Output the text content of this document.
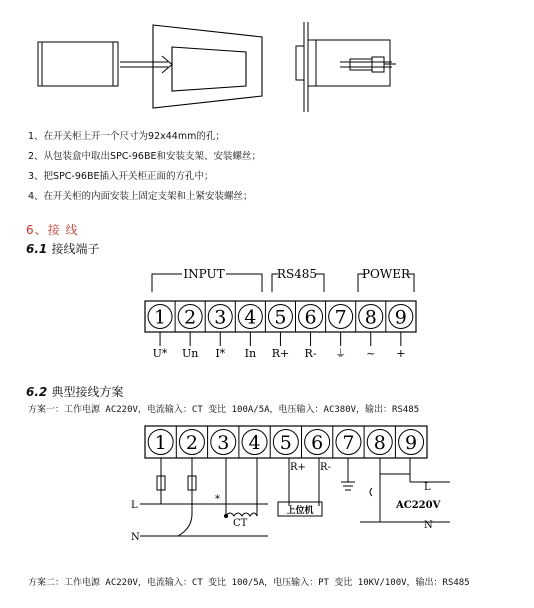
1、在开关柜上开一个尺寸为92x44mm的孔；
2、从包装盒中取出SPC-96BE和安装支架、安装螺丝；
3、把SPC-96BE插入开关柜正面的方孔中；
4、在开关柜的内面安装上固定支架和上紧安装螺丝；
6、接 线
6.1 接线端子
INPUT	RS485	POWER
1 2 3 4 5 6 7 8 9
U* Un I* In R+ R- ⏚ ~ +
6.2 典型接线方案
方案一：工作电源 AC220V，电流输入：CT 变比 100A/5A，电压输入：AC380V，输出：RS485
1 2 3 4 5 6 7 8 9
L
N
*
CT
R+ R-
上位机
L
AC220V
N
方案二：工作电源 AC220V，电流输入：CT 变比 100/5A，电压输入：PT 变比 10KV/100V，输出：RS485
